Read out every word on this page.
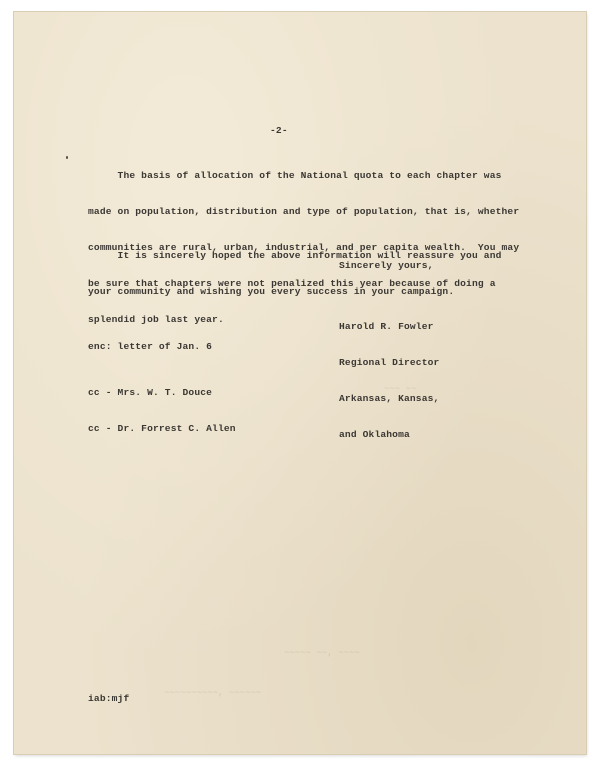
~~~ ~~
~~~~~ ~~, ~~~~
~~~~~~~~~~, ~~~~~~
-2-

The basis of allocation of the National quota to each chapter was

made on population, distribution and type of population, that is, whether

communities are rural, urban, industrial, and per capita wealth.  You may

be sure that chapters were not penalized this year because of doing a

splendid job last year.

It is sincerely hoped the above information will reassure you and

your community and wishing you every success in your campaign.

Sincerely yours,

Harold R. Fowler

Regional Director

Arkansas, Kansas,

and Oklahoma

enc: letter of Jan. 6

cc - Mrs. W. T. Douce

cc - Dr. Forrest C. Allen

iab:mjf
